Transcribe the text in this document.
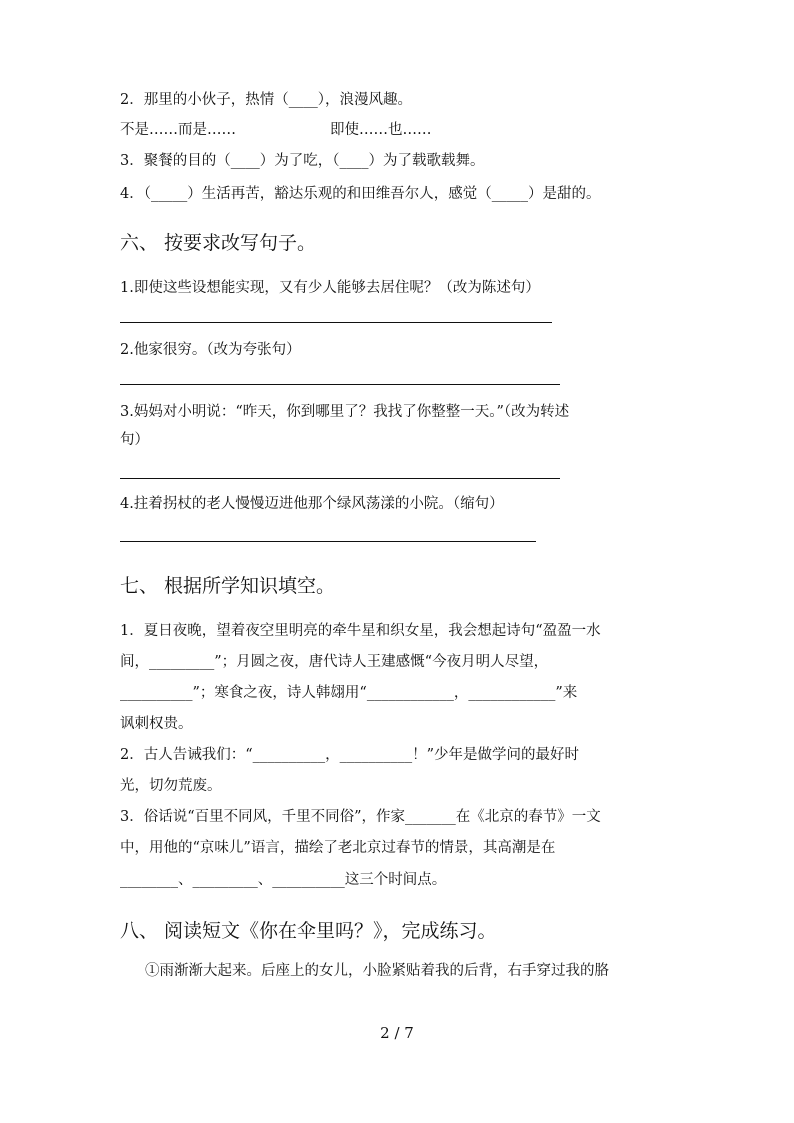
2．那里的小伙子，热情（____），浪漫风趣。
不是……而是……	即使……也……
3．聚餐的目的（____）为了吃，（____）为了载歌载舞。
4．（_____）生活再苦，豁达乐观的和田维吾尔人，感觉（_____）是甜的。
六、 按要求改写句子。
1.即使这些设想能实现，又有少人能够去居住呢？（改为陈述句）
2.他家很穷。（改为夸张句）
3.妈妈对小明说：“昨天，你到哪里了？我找了你整整一天。”（改为转述
句）
4.拄着拐杖的老人慢慢迈进他那个绿风荡漾的小院。（缩句）
七、 根据所学知识填空。
1．夏日夜晚，望着夜空里明亮的牵牛星和织女星，我会想起诗句“盈盈一水
间，_________”；月圆之夜，唐代诗人王建感慨“今夜月明人尽望，
__________”；寒食之夜，诗人韩翃用“____________，____________”来
讽刺权贵。
2．古人告诫我们：“__________，__________！”少年是做学问的最好时
光，切勿荒废。
3．俗话说“百里不同风，千里不同俗”，作家_______在《北京的春节》一文
中，用他的“京味儿”语言，描绘了老北京过春节的情景，其高潮是在
________、_________、__________这三个时间点。
八、 阅读短文《你在伞里吗？》，完成练习。
①雨渐渐大起来。后座上的女儿，小脸紧贴着我的后背，右手穿过我的胳
2 / 7
